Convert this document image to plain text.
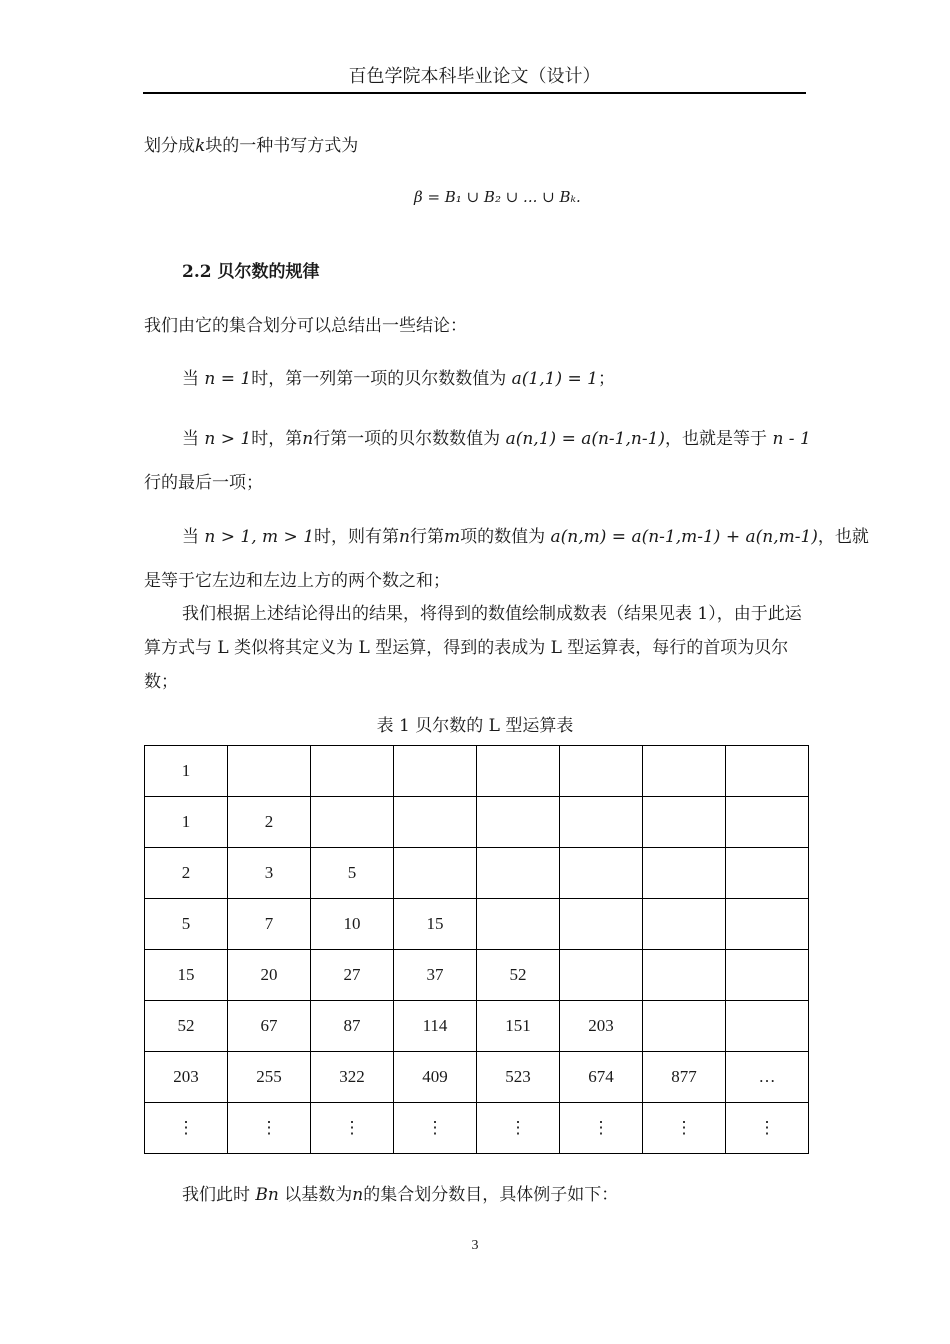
百色学院本科毕业论文（设计）
划分成k块的一种书写方式为
β = B₁ ∪ B₂ ∪ ... ∪ Bₖ.
2.2 贝尔数的规律
我们由它的集合划分可以总结出一些结论：
当 n = 1时，第一列第一项的贝尔数数值为 a(1,1) = 1；
当 n > 1时，第n行第一项的贝尔数数值为 a(n,1) = a(n-1,n-1)，也就是等于 n - 1
行的最后一项；
当 n > 1, m > 1时，则有第n行第m项的数值为 a(n,m) = a(n-1,m-1) + a(n,m-1)，也就
是等于它左边和左边上方的两个数之和；
我们根据上述结论得出的结果，将得到的数值绘制成数表（结果见表 1），由于此运算方式与 L 类似将其定义为 L 型运算，得到的表成为 L 型运算表，每行的首项为贝尔数；
表 1 贝尔数的 L 型运算表
1							
1	2						
2	3	5					
5	7	10	15				
15	20	27	37	52			
52	67	87	114	151	203		
203	255	322	409	523	674	877	…
⋮	⋮	⋮	⋮	⋮	⋮	⋮	⋮
我们此时 Bn 以基数为n的集合划分数目，具体例子如下：
3
